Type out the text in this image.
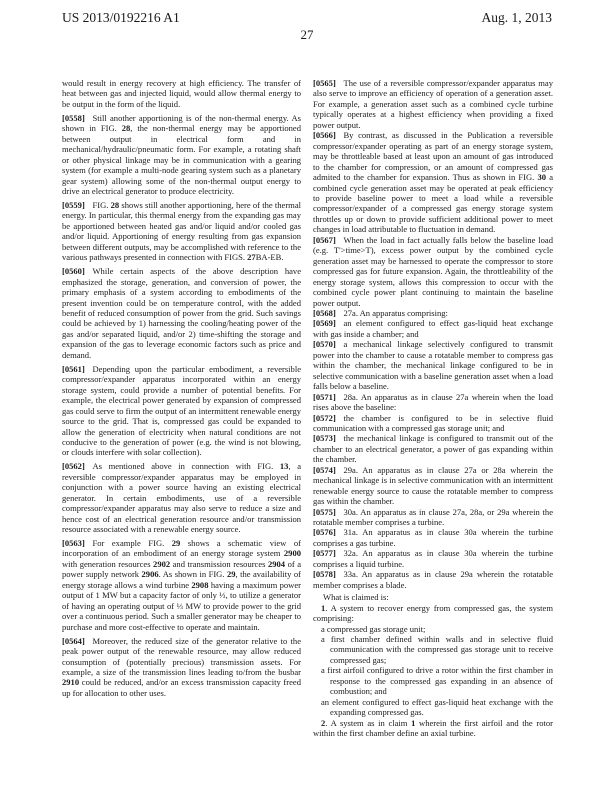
US 2013/0192216 A1
27
Aug. 1, 2013

would result in energy recovery at high efficiency. The transfer of heat between gas and injected liquid, would allow thermal energy to be output in the form of the liquid.

[0558] Still another apportioning is of the non-thermal energy. As shown in FIG. 28, the non-thermal energy may be apportioned between output in electrical form and in mechanical/hydraulic/pneumatic form. For example, a rotating shaft or other physical linkage may be in communication with a gearing system (for example a multi-node gearing system such as a planetary gear system) allowing some of the non-thermal output energy to drive an electrical generator to produce electricity.

[0559] FIG. 28 shows still another apportioning, here of the thermal energy. In particular, this thermal energy from the expanding gas may be apportioned between heated gas and/or liquid and/or cooled gas and/or liquid. Apportioning of energy resulting from gas expansion between different outputs, may be accomplished with reference to the various pathways presented in connection with FIGS. 27BA-EB.

[0560] While certain aspects of the above description have emphasized the storage, generation, and conversion of power, the primary emphasis of a system according to embodiments of the present invention could be on temperature control, with the added benefit of reduced consumption of power from the grid. Such savings could be achieved by 1) harnessing the cooling/heating power of the gas and/or separated liquid, and/or 2) time-shifting the storage and expansion of the gas to leverage economic factors such as price and demand.

[0561] Depending upon the particular embodiment, a reversible compressor/expander apparatus incorporated within an energy storage system, could provide a number of potential benefits. For example, the electrical power generated by expansion of compressed gas could serve to firm the output of an intermittent renewable energy source to the grid. That is, compressed gas could be expanded to allow the generation of electricity when natural conditions are not conducive to the generation of power (e.g. the wind is not blowing, or clouds interfere with solar collection).

[0562] As mentioned above in connection with FIG. 13, a reversible compressor/expander apparatus may be employed in conjunction with a power source having an existing electrical generator. In certain embodiments, use of a reversible compressor/expander apparatus may also serve to reduce a size and hence cost of an electrical generation resource and/or transmission resource associated with a renewable energy source.

[0563] For example FIG. 29 shows a schematic view of incorporation of an embodiment of an energy storage system 2900 with generation resources 2902 and transmission resources 2904 of a power supply network 2906. As shown in FIG. 29, the availability of energy storage allows a wind turbine 2908 having a maximum power output of 1 MW but a capacity factor of only ⅓, to utilize a generator of having an operating output of ⅓ MW to provide power to the grid over a continuous period. Such a smaller generator may be cheaper to purchase and more cost-effective to operate and maintain.

[0564] Moreover, the reduced size of the generator relative to the peak power output of the renewable resource, may allow reduced consumption of (potentially precious) transmission assets. For example, a size of the transmission lines leading to/from the busbar 2910 could be reduced, and/or an excess transmission capacity freed up for allocation to other uses.

[0565] The use of a reversible compressor/expander apparatus may also serve to improve an efficiency of operation of a generation asset. For example, a generation asset such as a combined cycle turbine typically operates at a highest efficiency when providing a fixed power output.

[0566] By contrast, as discussed in the Publication a reversible compressor/expander operating as part of an energy storage system, may be throttleable based at least upon an amount of gas introduced to the chamber for compression, or an amount of compressed gas admited to the chamber for expansion. Thus as shown in FIG. 30 a combined cycle generation asset may be operated at peak efficiency to provide baseline power to meet a load while a reversible compressor/expander of a compressed gas energy storage system throttles up or down to provide sufficient additional power to meet changes in load attributable to fluctuation in demand.

[0567] When the load in fact actually falls below the baseline load (e.g. T'>time>T), excess power output by the combined cycle generation asset may be harnessed to operate the compressor to store compressed gas for future expansion. Again, the throttleability of the energy storage system, allows this compression to occur with the combined cycle power plant continuing to maintain the baseline power output.

[0568] 27a. An apparatus comprising:

[0569] an element configured to effect gas-liquid heat exchange with gas inside a chamber; and

[0570] a mechanical linkage selectively configured to transmit power into the chamber to cause a rotatable member to compress gas within the chamber, the mechanical linkage configured to be in selective communication with a baseline generation asset when a load falls below a baseline.

[0571] 28a. An apparatus as in clause 27a wherein when the load rises above the baseline:

[0572] the chamber is configured to be in selective fluid communication with a compressed gas storage unit; and

[0573] the mechanical linkage is configured to transmit out of the chamber to an electrical generator, a power of gas expanding within the chamber.

[0574] 29a. An apparatus as in clause 27a or 28a wherein the mechanical linkage is in selective communication with an intermittent renewable energy source to cause the rotatable member to compress gas within the chamber.

[0575] 30a. An apparatus as in clause 27a, 28a, or 29a wherein the rotatable member comprises a turbine.

[0576] 31a. An apparatus as in clause 30a wherein the turbine comprises a gas turbine.

[0577] 32a. An apparatus as in clause 30a wherein the turbine comprises a liquid turbine.

[0578] 33a. An apparatus as in clause 29a wherein the rotatable member comprises a blade.

What is claimed is:

1. A system to recover energy from compressed gas, the system comprising:

a compressed gas storage unit;

a first chamber defined within walls and in selective fluid communication with the compressed gas storage unit to receive compressed gas;

a first airfoil configured to drive a rotor within the first chamber in response to the compressed gas expanding in an absence of combustion; and

an element configured to effect gas-liquid heat exchange with the expanding compressed gas.

2. A system as in claim 1 wherein the first airfoil and the rotor within the first chamber define an axial turbine.
